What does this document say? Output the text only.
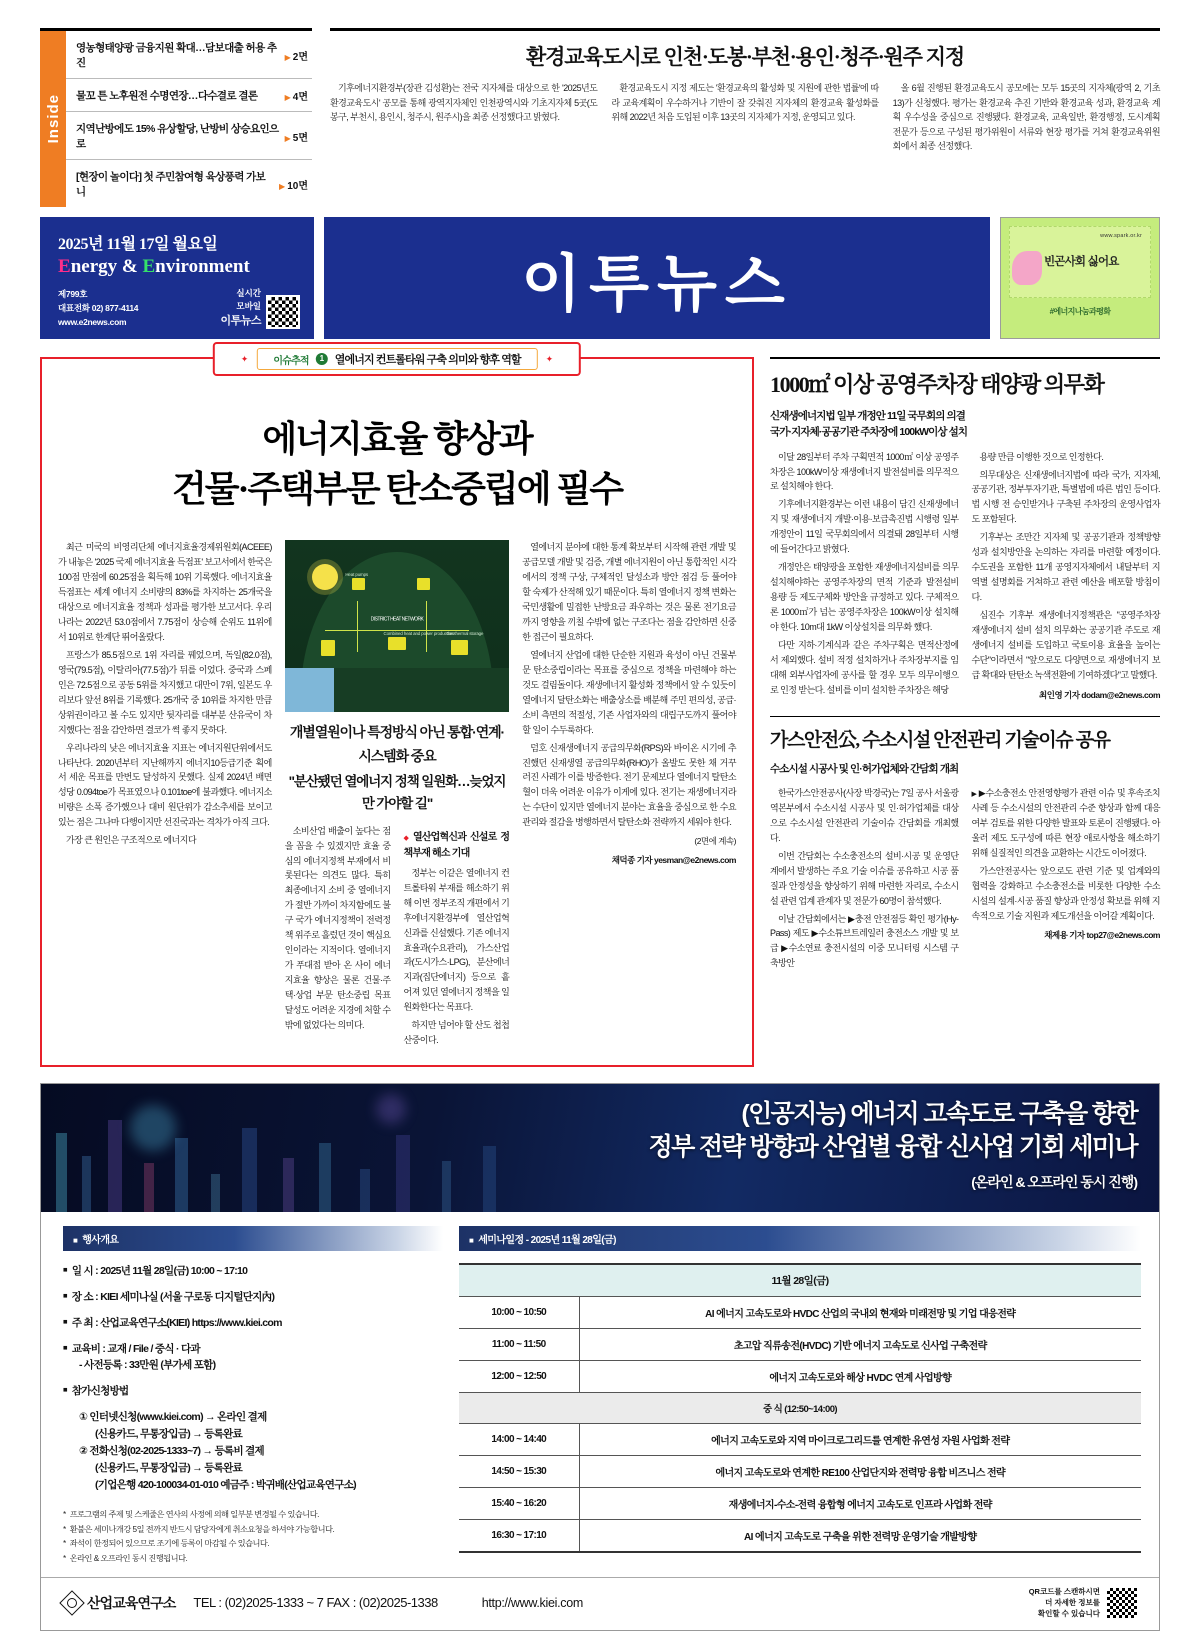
Inside
영농형태양광 금융지원 확대…담보대출 허용 추진	▶ 2면
물꼬 튼 노후원전 수명연장…다수결로 결론	▶ 4면
지역난방에도 15% 유상할당, 난방비 상승요인으로	▶ 5면
[현장이 놀이다] 첫 주민참여형 육상풍력 가보니	▶ 10면
환경교육도시로 인천·도봉·부천·용인·청주·원주 지정

기후에너지환경부(장관 김성환)는 전국 지자체를 대상으로 한 '2025년도 환경교육도시' 공모를 통해 광역지자체인 인천광역시와 기초지자체 5곳(도봉구, 부천시, 용인시, 청주시, 원주시)을 최종 선정했다고 밝혔다.

환경교육도시 지정 제도는 '환경교육의 활성화 및 지원에 관한 법률'에 따라 교육계획이 우수하거나 기반이 잘 갖춰진 지자체의 환경교육 활성화를 위해 2022년 처음 도입된 이후 13곳의 지자체가 지정, 운영되고 있다.

올 6월 진행된 환경교육도시 공모에는 모두 15곳의 지자체(광역 2, 기초 13)가 신청했다. 평가는 환경교육 추진 기반와 환경교육 성과, 환경교육 계획 우수성을 중심으로 진행됐다. 환경교육, 교육일반, 환경행정, 도시계획 전문가 등으로 구성된 평가위원이 서류와 현장 평가를 거쳐 환경교육위원회에서 최종 선정했다.

2025년 11월 17일 월요일
Energy & Environment
제799호
대표전화 02) 877-4114
www.e2news.com
실시간
모바일
이투뉴스
이투뉴스
www.spark.or.kr
빈곤사회 싫어요
#에너지나눔과평화
✦	이슈추적	1 열에너지 컨트롤타워 구축 의미와 향후 역할	✦
에너지효율 향상과
건물·주택부문 탄소중립에 필수

최근 미국의 비영리단체 에너지효율경제위원회(ACEEE)가 내놓은 '2025 국제 에너지효율 득점표' 보고서에서 한국은 100점 만점에 60.25점을 획득해 10위 기록했다. 에너지효율 득점표는 세계 에너지 소비량의 83%를 차지하는 25개국을 대상으로 에너지효율 정책과 성과를 평가한 보고서다. 우리나라는 2022년 53.0점에서 7.75점이 상승해 순위도 11위에서 10위로 한계단 뛰어올랐다.

프랑스가 85.5점으로 1위 자리를 꿰었으며, 독일(82.0점), 영국(79.5점), 이탈리아(77.5점)가 뒤를 이었다. 중국과 스페인은 72.5점으로 공동 5위를 차지했고 대만이 7위, 일본도 우리보다 앞선 8위를 기록했다. 25개국 중 10위를 차지한 만큼 상위권이라고 볼 수도 있지만 뒷자리를 대부분 산유국이 차지했다는 점을 감안하면 결코가 썩 좋지 못하다.

우리나라의 낮은 에너지효율 지표는 에너지원단위에서도 나타난다. 2020년부터 지난해까지 에너지10등급기준 획에서 세운 목표를 만번도 달성하지 못했다. 실제 2024년 배면성당 0.094toe가 목표였으나 0.101toe에 불과했다. 에너지소비량은 소폭 증가했으나 대비 원단위가 감소추세를 보이고 있는 점은 그나마 다행이지만 선진국과는 격차가 아직 크다.

가장 큰 원인은 구조적으로 에너지다

Combined heat and power production
Geothermal storage
Heat pumps
DISTRICT HEAT NETWORK
개별열원이나 특정방식 아닌 통합·연계·시스템화 중요
"분산됐던 열에너지 정책 일원화…늦었지만 가야할 길"

소비산업 배출이 높다는 점을 꼽을 수 있겠지만 효율 중심의 에너지정책 부재에서 비롯된다는 의견도 많다. 특히 최종에너지 소비 중 열에너지가 절반 가까이 차지함에도 불구 국가 에너지정책이 전력정책 위주로 흘렀던 것이 핵심요인이라는 지적이다. 열에너지가 푸대접 받아 온 사이 에너지효율 향상은 물론 건물·주택·상업 부문 탄소중립 목표 달성도 어려운 지경에 처할 수밖에 없었다는 의미다.

◆ 열산업혁신과 신설로 정책부재 해소 기대

정부는 이같은 열에너지 컨트롤타워 부재를 해소하기 위해 이번 정부조직 개편에서 기후에너지환경부에 열산업혁신과를 신설했다. 기존 에너지효율과(수요관리), 가스산업과(도시가스·LPG), 분산에너지과(집단에너지) 등으로 흩어져 있던 열에너지 정책을 일원화한다는 목표다.

하지만 넘어야 할 산도 첩첩산중이다.

열에너지 분야에 대한 통계 확보부터 시작해 관련 개발 및 공급모델 개발 및 검증, 개별 에너지원이 아닌 통합적인 시각에서의 정책 구상, 구체적인 달성소과 방안 점검 등 풀어야 할 숙제가 산적해 있기 때문이다. 특히 열에너지 정책 변화는 국민생활에 밀접한 난방요금 좌우하는 것은 물론 전기요금까지 영향을 끼칠 수밖에 없는 구조다는 점을 감안하면 신중한 접근이 필요하다.

열에너지 산업에 대한 단순한 지원과 육성이 아닌 건물부문 탄소중립이라는 목표를 중심으로 정책을 마련해야 하는 것도 걸림돌이다. 재생에너지 활성화 정책에서 앞 수 있듯이 열에너지 달탄소화는 배출상소를 배분해 주민 편의성, 공급·소비 측면의 적절성, 기존 사업자와의 대립구도까지 풀어야 할 일이 수두룩하다.

덤호 신재생에너지 공급의무화(RPS)와 바이온 시기에 추진했던 신재생열 공급의무화(RHO)가 올발도 못한 채 거꾸러진 사례가 이를 방증한다. 전기 문제보다 열에너지 탈탄소혈이 더욱 어려운 이유가 이게에 있다. 전기는 재생에너지라는 수단이 있지만 열에너지 분야는 효율을 중심으로 한 수요관리와 절감을 병행하면서 탈탄소화 전략까지 세워야 한다.

(2면에 계속)
채덕종 기자 yesman@e2news.com
1000㎡ 이상 공영주차장 태양광 의무화
신재생에너지법 일부 개정안 11일 국무회의 의결
국가·지자체·공공기관 주차장에 100kW이상 설치

이달 28일부터 주차 구획면적 1000㎡ 이상 공영주차장은 100kW이상 재생에너지 발전설비를 의무적으로 설치해야 한다.

기후에너지환경부는 이런 내용이 담긴 신재생에너지 및 재생에너지 개발·이용·보급촉진법 시행령 일부 개정안이 11일 국무회의에서 의결돼 28일부터 시행에 들어간다고 밝혔다.

개정안은 태양광을 포함한 재생에너지설비를 의무설치해야하는 공영주차장의 면적 기준과 발전설비 용량 등 제도구체화 방안을 규정하고 있다. 구체적으론 1000㎡가 넘는 공영주차장은 100kW이상 설치해야 한다. 10m대 1kW 이상설치를 의무화 했다.

다만 지하·기계식과 같은 주차구획은 면적산정에서 제외했다. 설비 적정 설치하거나 주차장부지를 임대해 외부사업자에 공사를 할 경우 모두 의무이행으로 인정 받는다. 설비를 이미 설치한 주차장은 해당

용량 만큼 이행한 것으로 인정한다.

의무대상은 신재생에너지법에 따라 국가, 지자체, 공공기관, 정부투자기관, 특별법에 따른 법인 등이다. 법 시행 전 승인받거나 구축된 주차장의 운영사업자도 포함된다.

기후부는 조만간 지자체 및 공공기관과 정책방향성과 설치방안을 논의하는 자리를 마련할 예정이다. 수도권을 포함한 11개 공영지자체에서 내달부터 지역별 설명회를 거쳐하고 관련 예산을 배포할 방침이다.

심진수 기후부 재생에너지정책관은 "공영주차장 재생에너지 설비 설치 의무화는 공공기관 주도로 재생에너지 설비를 도입하고 국토이용 효율을 높이는 수단"이라면서 "앞으로도 다양면으로 재생에너지 보급 확대와 탄탄소 녹색전환에 기여하겠다"고 말했다.

최인영 기자 dodam@e2news.com
가스안전公, 수소시설 안전관리 기술이슈 공유
수소시설 시공사 및 인·허가업체와 간담회 개최

한국가스안전공사(사장 박경국)는 7일 공사 서울광역본부에서 수소시설 시공사 및 인·허가업체를 대상으로 수소시설 안전관리 기술이슈 간담회를 개최했다.

이번 간담회는 수소충전소의 설비·시공 및 운영단계에서 발생하는 주요 기술 이슈를 공유하고 시공 품질과 안정성을 향상하기 위해 마련한 자리로, 수소시설 관련 업계 관계자 및 전문가 60명이 참석했다.

이날 간담회에서는 ▶충전 안전점등 확인 평가(Hy-Pass) 제도 ▶수소튜브트레일러 충전소스 개발 및 보급 ▶수소연료 충전시설의 이중 모니터링 시스템 구축방안

▶ ▶수소충전소 안전영향평가 관련 이슈 및 후속조치 사례 등 수소시설의 안전관리 수준 향상과 함께 대응 여부 검토를 위한 다양한 발표와 토론이 진행됐다. 아울러 제도 도구성에 따른 현장 애로사항을 해소하기 위해 실질적인 의견을 교환하는 시간도 이어졌다.

가스안전공사는 앞으로도 관련 기준 및 업계와의 협력을 강화하고 수소충전소를 비롯한 다양한 수소시설의 설계·시공 품질 향상과 안정성 확보를 위해 지속적으로 기술 지원과 제도개선을 이어갈 계획이다.

채제용 기자 top27@e2news.com
(인공지능) 에너지 고속도로 구축을 향한
정부 전략 방향과 산업별 융합 신사업 기회 세미나
(온라인 & 오프라인 동시 진행)
■ 행사개요
■ 일 시 : 2025년 11월 28일(금) 10:00 ~ 17:10
■ 장 소 : KIEI 세미나실 (서울 구로동 디지털단지內)
■ 주 최 : 산업교육연구소(KIEI) https://www.kiei.com
■ 교육비 : 교재 / File / 중식 · 다과
- 사전등록 : 33만원 (부가세 포함)
■ 참가신청방법
① 인터넷신청(www.kiei.com) → 온라인 결제
(신용카드, 무통장입금) → 등록완료
② 전화신청(02-2025-1333~7) → 등록비 결제
(신용카드, 무통장입금) → 등록완료
(기업은행 420-100034-01-010 예금주 : 박귀배(산업교육연구소)
* 프로그램의 주제 및 스케줄은 연사의 사정에 의해 일부분 변경될 수 있습니다.
* 환불은 세미나개강 5일 전까지 반드시 담당자에게 취소요청을 하셔야 가능합니다.
* 좌석이 한정되어 있으므로 조기에 등록이 마감될 수 있습니다.
* 온라인 & 오프라인 동시 진행됩니다.
■ 세미나일정 - 2025년 11월 28일(금)
11월 28일(금)	
10:00 ~ 10:50	AI 에너지 고속도로와 HVDC 산업의 국내외 현재와 미래전망 및 기업 대응전략
11:00 ~ 11:50	초고압 직류송전(HVDC) 기반 에너지 고속도로 신사업 구축전략
12:00 ~ 12:50	에너지 고속도로와 해상 HVDC 연계 사업방향
중 식 (12:50~14:00)	
14:00 ~ 14:40	에너지 고속도로와 지역 마이크로그리드를 연계한 유연성 자원 사업화 전략
14:50 ~ 15:30	에너지 고속도로와 연계한 RE100 산업단지와 전력망 융합 비즈니스 전략
15:40 ~ 16:20	재생에너지-수소-전력 융합형 에너지 고속도로 인프라 사업화 전략
16:30 ~ 17:10	AI 에너지 고속도로 구축을 위한 전력망 운영기술 개발방향
산업교육연구소 TEL : (02)2025-1333 ~ 7 FAX : (02)2025-1338	http://www.kiei.com
QR코드를 스캔하시면
더 자세한 정보를
확인할 수 있습니다
